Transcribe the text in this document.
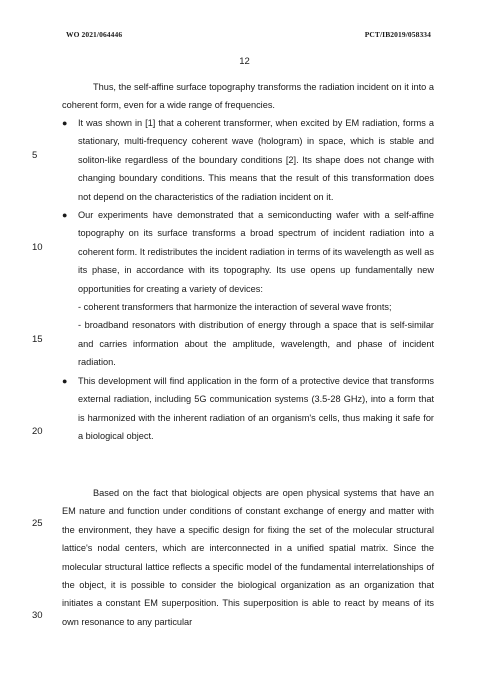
WO 2021/064446	PCT/IB2019/058334
12
5
10
15
20
25
30

Thus, the self-affine surface topography transforms the radiation incident on it into a coherent form, even for a wide range of frequencies.

● It was shown in [1] that a coherent transformer, when excited by EM radiation, forms a stationary, multi-frequency coherent wave (hologram) in space, which is stable and soliton-like regardless of the boundary conditions [2]. Its shape does not change with changing boundary conditions. This means that the result of this transformation does not depend on the characteristics of the radiation incident on it.
● Our experiments have demonstrated that a semiconducting wafer with a self-affine topography on its surface transforms a broad spectrum of incident radiation into a coherent form. It redistributes the incident radiation in terms of its wavelength as well as its phase, in accordance with its topography. Its use opens up fundamentally new opportunities for creating a variety of devices:

- coherent transformers that harmonize the interaction of several wave fronts;

- broadband resonators with distribution of energy through a space that is self-similar and carries information about the amplitude, wavelength, and phase of incident radiation.

● This development will find application in the form of a protective device that transforms external radiation, including 5G communication systems (3.5-28 GHz), into a form that is harmonized with the inherent radiation of an organism's cells, thus making it safe for a biological object.

Based on the fact that biological objects are open physical systems that have an EM nature and function under conditions of constant exchange of energy and matter with the environment, they have a specific design for fixing the set of the molecular structural lattice's nodal centers, which are interconnected in a unified spatial matrix. Since the molecular structural lattice reflects a specific model of the fundamental interrelationships of the object, it is possible to consider the biological organization as an organization that initiates a constant EM superposition. This superposition is able to react by means of its own resonance to any particular
